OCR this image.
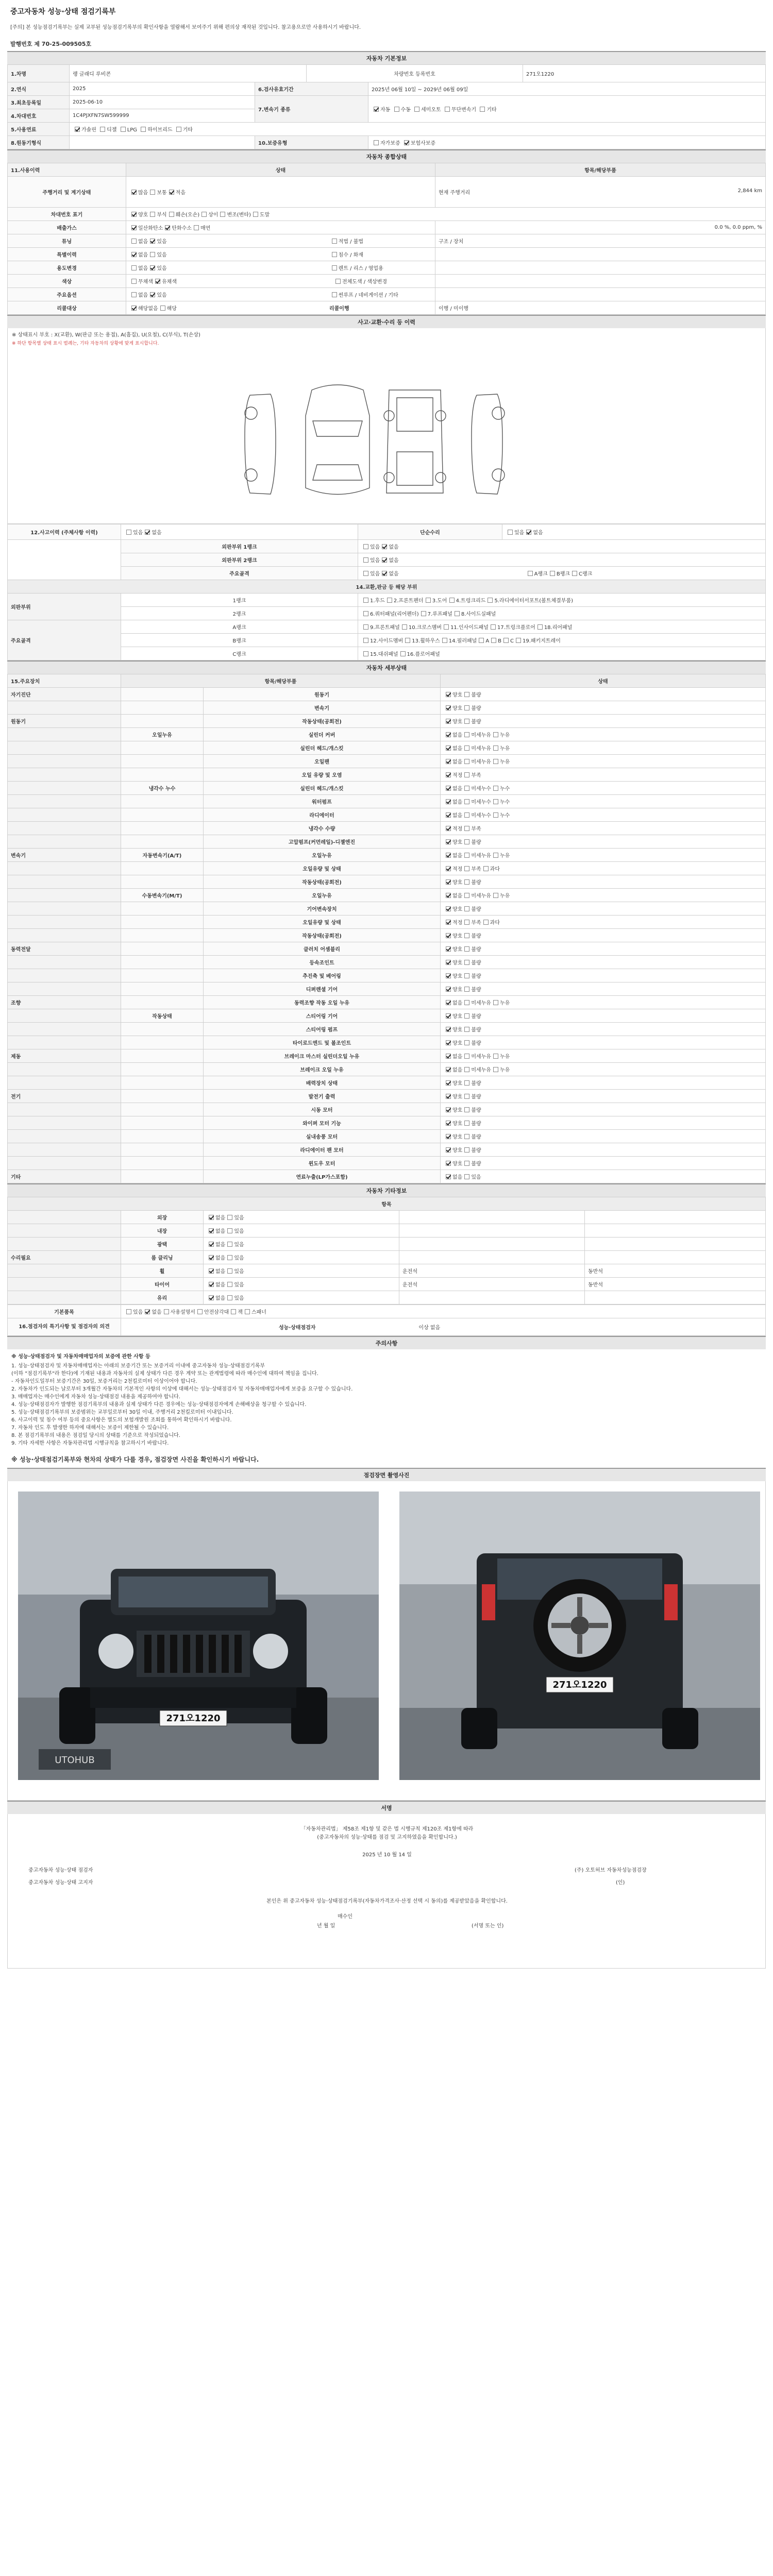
중고자동차 성능·상태 점검기록부
[주의] 본 성능점검기록부는 실제 교부된 성능점검기록부의 확인사항을 열람해서 보여주기 위해 편의상 재작된 것입니다. 참고용으로만 사용하시기 바랍니다.
발행번호 제 70-25-009505호
자동차 기본정보
1.차명	랭 글래디 루비콘		차량번호 등록번호		271오1220
2.연식	2025	6.검사유효기간		2025년 06월 10일 ~ 2029년 06월 09일	
3.최초등록일	2025-06-10	7.변속기 종류		자동 수동 세미오토 무단변속기 기타	
4.차대번호	1C4PJXFN7SW599999				
5.사용연료	가솔린 디젤 LPG 하이브리드 기타				
8.원동기형식		10.보증유형		자가보증 보험사보증	
자동차 종합상태
11.사용이력	상태	항목/해당부품
주행거리 및 계기상태	많음 보통 적음	현재 주행거리 2,844 km

차대번호 표기	양호 부식 훼손(오손) 상이 변조(변타) 도말	
배출가스	일산화탄소 탄화수소 매연	0.0 %, 0.0 ppm, %
튜닝	없음 있음 적법 / 불법	구조 / 장치
특별이력	없음 있음 침수 / 화재	
용도변경	없음 있음 렌트 / 리스 / 영업용	
색상	무채색 유채색 전체도색 / 색상변경	
주요옵션	없음 있음 썬루프 / 네비게이션 / 기타	
리콜대상	해당없음 해당 리콜이행	이행 / 미이행
사고·교환·수리 등 이력
※ 상태표시 부호 : X(교환), W(판금 또는 용접), A(흠집), U(요철), C(부식), T(손상)
※ 하단 항목별 상태 표시 범례는, 기타 자동차의 상황에 맞게 표시합니다.
12.사고이력 (주체사항 이력)	있음 없음	단순수리	있음 없음
	외판부위 1랭크	있음 없음	
	외판부위 2랭크	있음 없음	
	주요골격	있음 없음 A랭크 B랭크 C랭크	
14.교환,판금 등 해당 부위			
외판부위	1랭크	1.후드 2.프론트펜더 3.도어 4.트렁크리드 5.라디에이터서포트(볼트체결부품)	
	2랭크	6.쿼터패널(리어펜더) 7.루프패널 8.사이드실패널	
주요골격	A랭크	9.프론트패널 10.크로스멤버 11.인사이드패널 17.트렁크플로어 18.리어패널	
	B랭크	12.사이드멤버 13.휠하우스 14.필러패널 A B C 19.패키지트레이	
	C랭크	15.대쉬패널 16.플로어패널	
자동차 세부상태
15.주요장치	항목/해당부품		상태
자기진단		원동기	양호 불량
		변속기	양호 불량
원동기		작동상태(공회전)	양호 불량
	오일누유	실린더 커버	없음 미세누유 누유
		실린더 헤드/개스킷	없음 미세누유 누유
		오일팬	없음 미세누유 누유
		오일 유량 및 오염	적정 부족
	냉각수 누수	실린더 헤드/개스킷	없음 미세누수 누수
		워터펌프	없음 미세누수 누수
		라디에이터	없음 미세누수 누수
		냉각수 수량	적정 부족
		고압펌프(커먼레일)-디젤엔진	양호 불량
변속기	자동변속기(A/T)	오일누유	없음 미세누유 누유
		오일유량 및 상태	적정 부족 과다
		작동상태(공회전)	양호 불량
	수동변속기(M/T)	오일누유	없음 미세누유 누유
		기어변속장치	양호 불량
		오일유량 및 상태	적정 부족 과다
		작동상태(공회전)	양호 불량
동력전달		클러치 어셈블리	양호 불량
		등속조인트	양호 불량
		추진축 및 베어링	양호 불량
		디퍼렌셜 기어	양호 불량
조향		동력조향 작동 오일 누유	없음 미세누유 누유
	작동상태	스티어링 기어	양호 불량
		스티어링 펌프	양호 불량
		타이로드엔드 및 볼조인트	양호 불량
제동		브레이크 마스터 실린더오일 누유	없음 미세누유 누유
		브레이크 오일 누유	없음 미세누유 누유
		배력장치 상태	양호 불량
전기		발전기 출력	양호 불량
		시동 모터	양호 불량
		와이퍼 모터 기능	양호 불량
		실내송풍 모터	양호 불량
		라디에이터 팬 모터	양호 불량
		윈도우 모터	양호 불량
기타		연료누출(LP가스포함)	없음 있음
자동차 기타정보
항목				
	외장	없음 있음		
	내장	없음 있음		
	광택	없음 있음		
수리필요	룸 클리닝	없음 있음		
	휠	없음 있음	운전석	동반석
	타이어	없음 있음	운전석	동반석
	유리	없음 있음		
기본품목	있음 없음 사용설명서 안전삼각대 잭 스패너
16.점검자의 특기사항 및 점검자의 의견	성능·상태점검자 이상 없음
주의사항
※ 성능·상태점검자 및 자동차매매업자의 보증에 관한 사항 등

1. 성능·상태점검자 및 자동차매매업자는 아래의 보증기간 또는 보증거리 이내에 중고자동차 성능·상태점검기록부

(이하 "점검기록부"라 한다)에 기재된 내용과 자동차의 실제 상태가 다른 경우 계약 또는 관계법령에 따라 매수인에 대하여 책임을 집니다.

- 자동차인도일부터 보증기간은 30일, 보증거리는 2천킬로미터 이상이어야 합니다.

2. 자동차가 인도되는 날로부터 3개월간 자동차의 기본적인 사항의 이상에 대해서는 성능·상태점검자 및 자동차매매업자에게 보증을 요구할 수 있습니다.

3. 매매업자는 매수인에게 자동차 성능·상태점검 내용을 제공하여야 합니다.

4. 성능·상태점검자가 발행한 점검기록부의 내용과 실제 상태가 다른 경우에는 성능·상태점검자에게 손해배상을 청구할 수 있습니다.

5. 성능·상태점검기록부의 보증범위는 교부일로부터 30일 이내, 주행거리 2천킬로미터 이내입니다.

6. 사고이력 및 침수 여부 등의 중요사항은 별도의 보험개발원 조회를 통하여 확인하시기 바랍니다.

7. 자동차 인도 후 발생한 하자에 대해서는 보증이 제한될 수 있습니다.

8. 본 점검기록부의 내용은 점검일 당시의 상태를 기준으로 작성되었습니다.

9. 기타 자세한 사항은 자동차관리법 시행규칙을 참고하시기 바랍니다.

※ 성능·상태점검기록부와 현차의 상태가 다를 경우, 점검장면 사진을 확인하시기 바랍니다.
점검장면 촬영사진
271오1220
UTOHUB
271오1220
서명
「자동차관리법」 제58조 제1항 및 같은 법 시행규칙 제120조 제1항에 따라
(중고자동차의 성능·상태를 점검 및 고지하였음을 확인합니다.)
2025 년 10 월 14 일
중고자동차 성능·상태 점검자	(주) 오토허브 자동차성능점검장
중고자동차 성능·상태 고지자	(인)
본인은 위 중고자동차 성능·상태점검기록부(자동차가격조사·산정 선택 시 동의)를 제공받았음을 확인합니다.
매수인
년 월 일	(서명 또는 인)
